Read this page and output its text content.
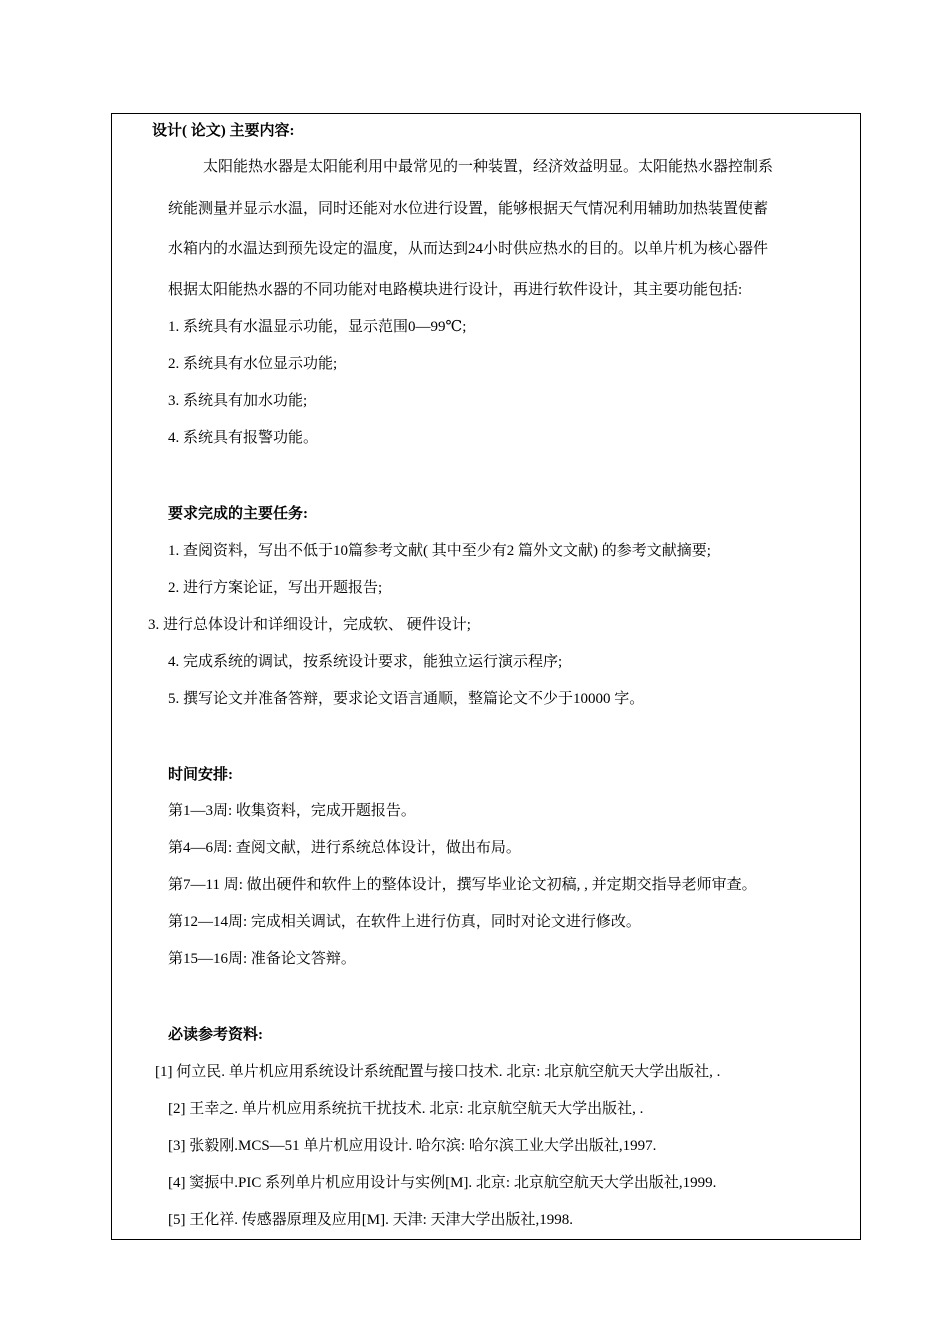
设计( 论文) 主要内容:
太阳能热水器是太阳能利用中最常见的一种装置，经济效益明显。太阳能热水器控制系
统能测量并显示水温，同时还能对水位进行设置，能够根据天气情况利用辅助加热装置使蓄
水箱内的水温达到预先设定的温度，从而达到24小时供应热水的目的。以单片机为核心器件
根据太阳能热水器的不同功能对电路模块进行设计，再进行软件设计，其主要功能包括:
1. 系统具有水温显示功能，显示范围0—99℃;
2. 系统具有水位显示功能;
3. 系统具有加水功能;
4. 系统具有报警功能。
要求完成的主要任务:
1. 查阅资料，写出不低于10篇参考文献( 其中至少有2 篇外文文献) 的参考文献摘要;
2. 进行方案论证，写出开题报告;
3. 进行总体设计和详细设计，完成软、 硬件设计;
4. 完成系统的调试，按系统设计要求，能独立运行演示程序;
5. 撰写论文并准备答辩，要求论文语言通顺，整篇论文不少于10000 字。
时间安排:
第1—3周: 收集资料，完成开题报告。
第4—6周: 查阅文献，进行系统总体设计，做出布局。
第7—11 周: 做出硬件和软件上的整体设计，撰写毕业论文初稿, , 并定期交指导老师审查。
第12—14周: 完成相关调试，在软件上进行仿真，同时对论文进行修改。
第15—16周: 准备论文答辩。
必读参考资料:
[1] 何立民. 单片机应用系统设计系统配置与接口技术. 北京: 北京航空航天大学出版社, .
[2] 王幸之. 单片机应用系统抗干扰技术. 北京: 北京航空航天大学出版社, .
[3] 张毅刚.MCS—51 单片机应用设计. 哈尔滨: 哈尔滨工业大学出版社,1997.
[4] 窦振中.PIC 系列单片机应用设计与实例[M]. 北京: 北京航空航天大学出版社,1999.
[5] 王化祥. 传感器原理及应用[M]. 天津: 天津大学出版社,1998.
